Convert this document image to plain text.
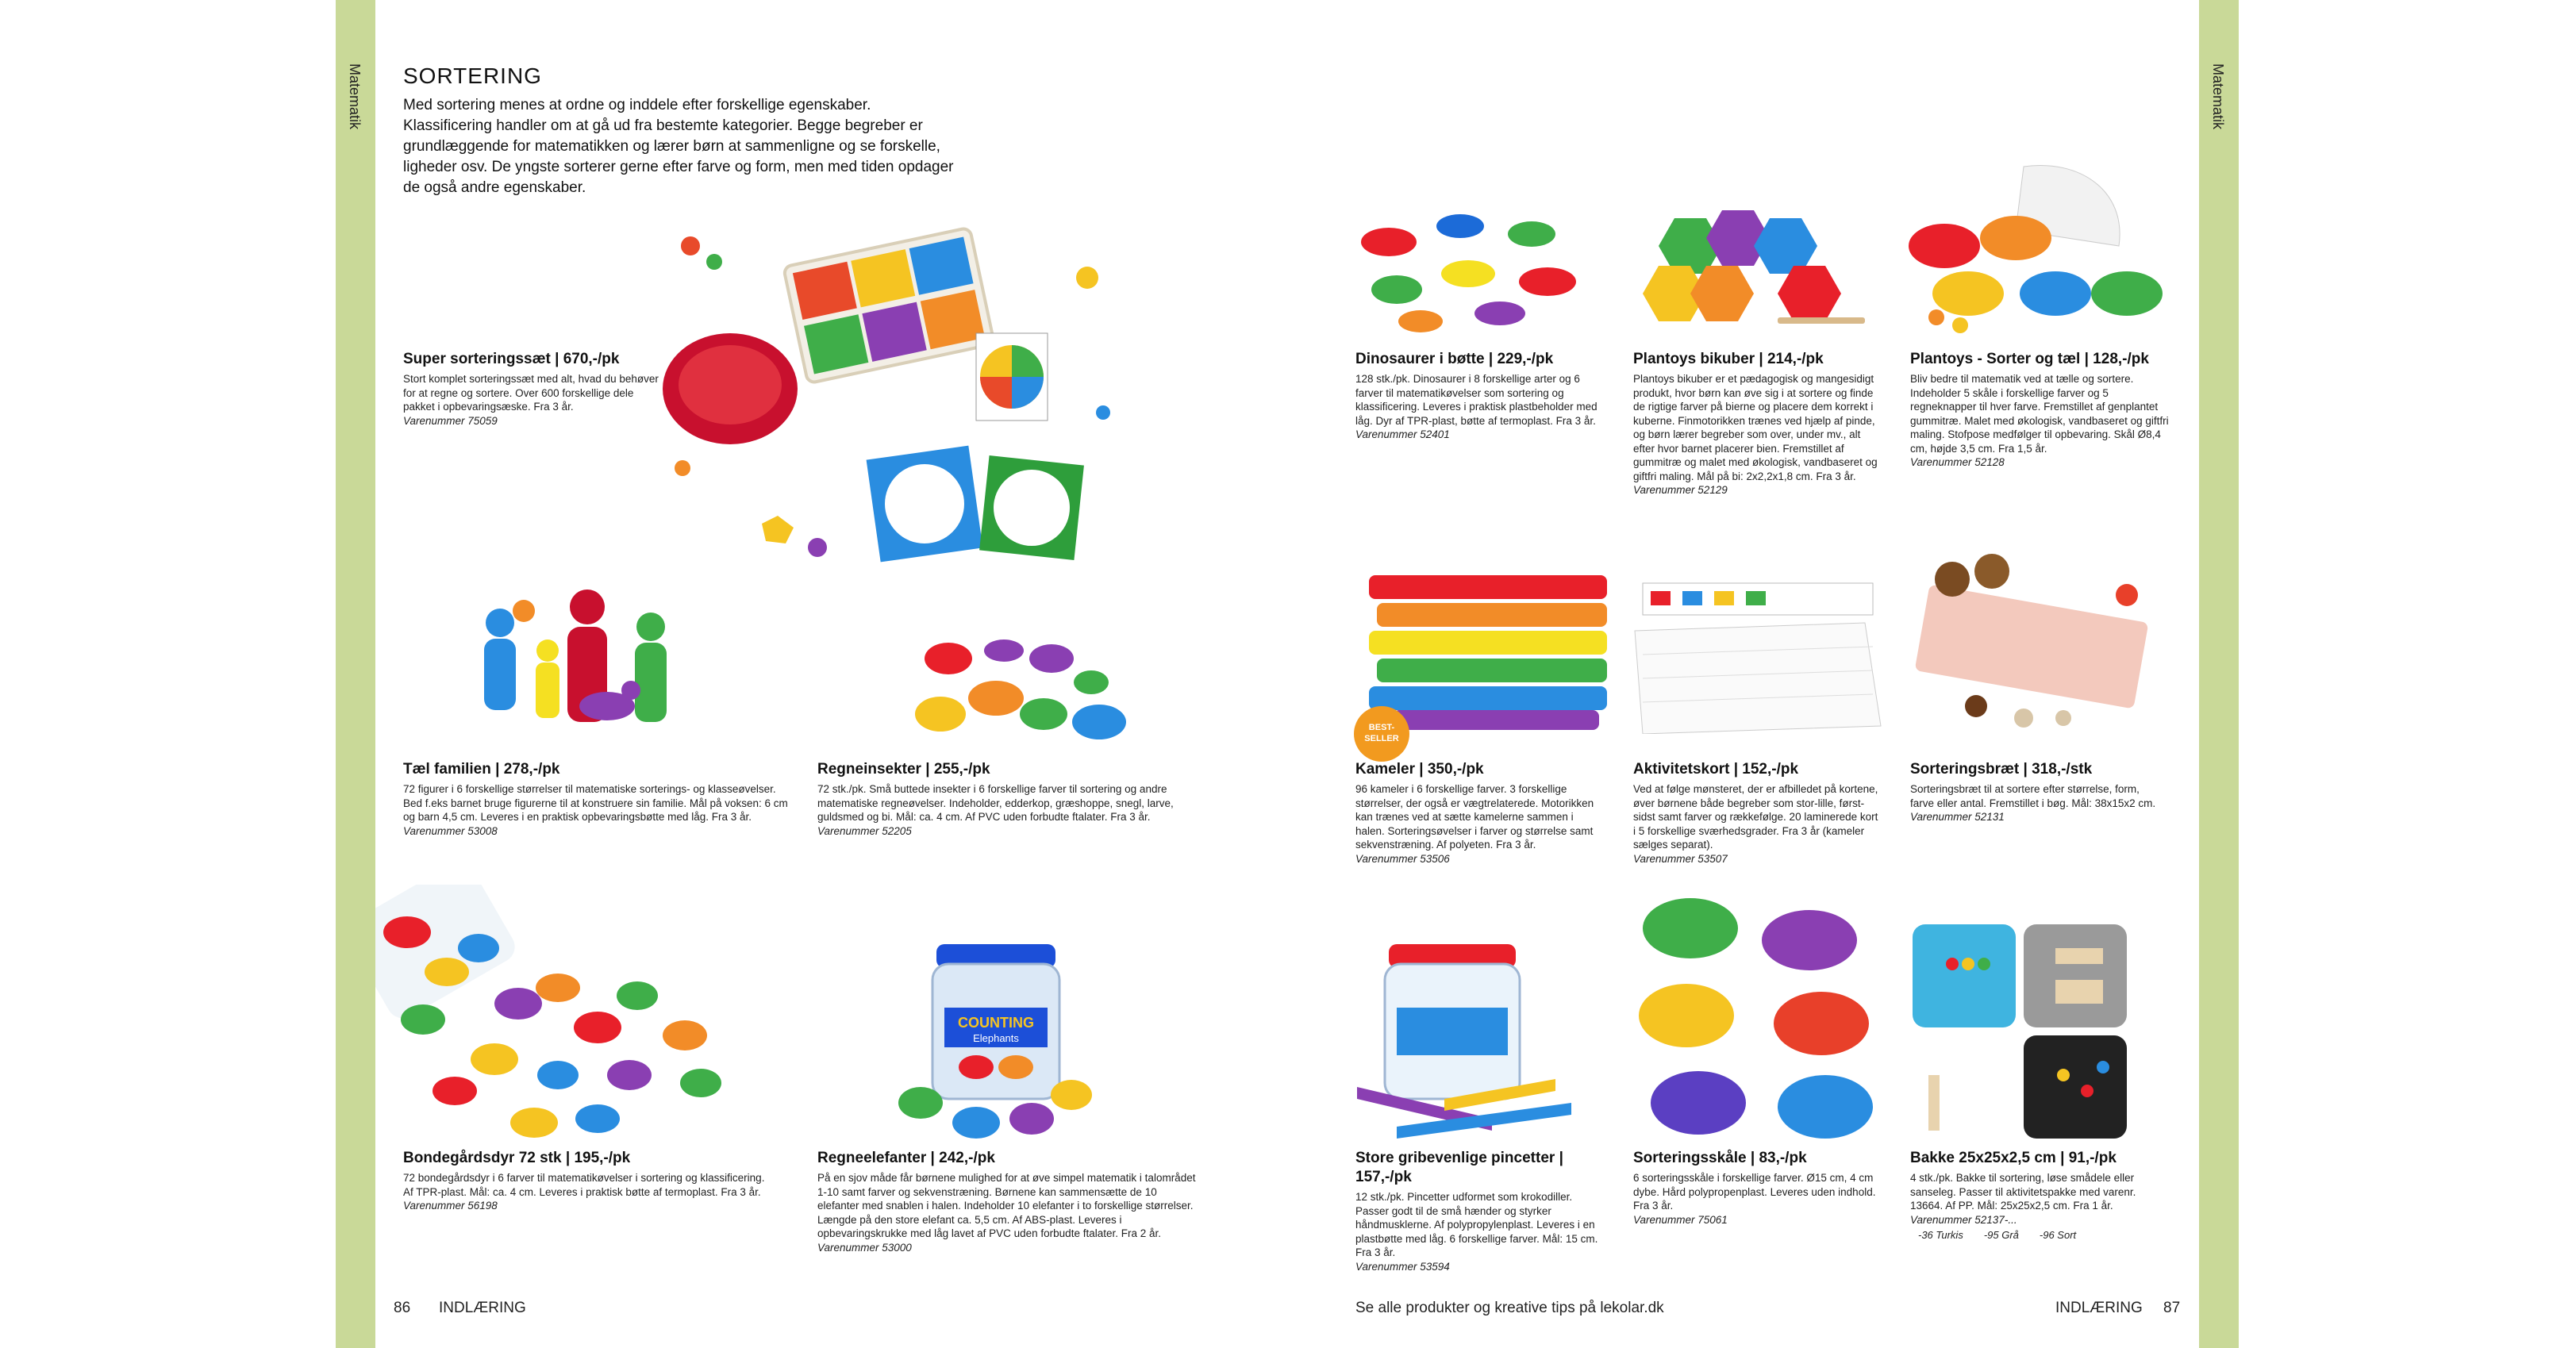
Matematik	Matematik
SORTERING
Med sortering menes at ordne og inddele efter forskellige egenskaber. Klassificering handler om at gå ud fra bestemte kategorier. Begge begreber er grundlæggende for matematikken og lærer børn at sammenligne og se forskelle, ligheder osv. De yngste sorterer gerne efter farve og form, men med tiden opdager de også andre egenskaber.
COUNTING
Elephants
BEST-
SELLER
Super sorteringssæt | 670,-/pk
Stort komplet sorteringssæt med alt, hvad du behøver for at regne og sortere. Over 600 forskellige dele pakket i opbevaringsæske. Fra 3 år.
Varenummer 75059
Tæl familien | 278,-/pk
72 figurer i 6 forskellige størrelser til matematiske sorterings- og klasseøvelser. Bed f.eks barnet bruge figurerne til at konstruere sin familie. Mål på voksen: 6 cm og barn 4,5 cm. Leveres i en praktisk opbevaringsbøtte med låg. Fra 3 år.
Varenummer 53008
Regneinsekter | 255,-/pk
72 stk./pk. Små buttede insekter i 6 forskellige farver til sortering og andre matematiske regneøvelser. Indeholder, edderkop, græshoppe, snegl, larve, guldsmed og bi. Mål: ca. 4 cm. Af PVC uden forbudte ftalater. Fra 3 år.
Varenummer 52205
Bondegårdsdyr 72 stk | 195,-/pk
72 bondegårdsdyr i 6 farver til matematikøvelser i sortering og klassificering. Af TPR-plast. Mål: ca. 4 cm. Leveres i praktisk bøtte af termoplast. Fra 3 år.
Varenummer 56198
Regneelefanter | 242,-/pk
På en sjov måde får børnene mulighed for at øve simpel matematik i talområdet 1-10 samt farver og sekvenstræning. Børnene kan sammensætte de 10 elefanter med snablen i halen. Indeholder 10 elefanter i to forskellige størrelser. Længde på den store elefant ca. 5,5 cm. Af ABS-plast. Leveres i opbevaringskrukke med låg lavet af PVC uden forbudte ftalater. Fra 2 år.
Varenummer 53000
Dinosaurer i bøtte | 229,-/pk
128 stk./pk. Dinosaurer i 8 forskellige arter og 6 farver til matematikøvelser som sortering og klassificering. Leveres i praktisk plastbeholder med låg. Dyr af TPR-plast, bøtte af termoplast. Fra 3 år.
Varenummer 52401
Plantoys bikuber | 214,-/pk
Plantoys bikuber er et pædagogisk og mangesidigt produkt, hvor børn kan øve sig i at sortere og finde de rigtige farver på bierne og placere dem korrekt i kuberne. Finmotorikken trænes ved hjælp af pinde, og børn lærer begreber som over, under mv., alt efter hvor barnet placerer bien. Fremstillet af gummitræ og malet med økologisk, vandbaseret og giftfri maling. Mål på bi: 2x2,2x1,8 cm. Fra 3 år.
Varenummer 52129
Plantoys - Sorter og tæl | 128,-/pk
Bliv bedre til matematik ved at tælle og sortere. Indeholder 5 skåle i forskellige farver og 5 regneknapper til hver farve. Fremstillet af genplantet gummitræ. Malet med økologisk, vandbaseret og giftfri maling. Stofpose medfølger til opbevaring. Skål Ø8,4 cm, højde 3,5 cm. Fra 1,5 år.
Varenummer 52128
Kameler | 350,-/pk
96 kameler i 6 forskellige farver. 3 forskellige størrelser, der også er vægtrelaterede. Motorikken kan trænes ved at sætte kamelerne sammen i halen. Sorteringsøvelser i farver og størrelse samt sekvenstræning. Af polyeten. Fra 3 år.
Varenummer 53506
Aktivitetskort | 152,-/pk
Ved at følge mønsteret, der er afbilledet på kortene, øver børnene både begreber som stor-lille, først-sidst samt farver og rækkefølge. 20 laminerede kort i 5 forskellige sværhedsgrader. Fra 3 år (kameler sælges separat).
Varenummer 53507
Sorteringsbræt | 318,-/stk
Sorteringsbræt til at sortere efter størrelse, form, farve eller antal. Fremstillet i bøg. Mål: 38x15x2 cm.
Varenummer 52131
Store gribevenlige pincetter | 157,-/pk
12 stk./pk. Pincetter udformet som krokodiller. Passer godt til de små hænder og styrker håndmusklerne. Af polypropylenplast. Leveres i en plastbøtte med låg. 6 forskellige farver. Mål: 15 cm. Fra 3 år.
Varenummer 53594
Sorteringsskåle | 83,-/pk
6 sorteringsskåle i forskellige farver. Ø15 cm, 4 cm dybe. Hård polypropenplast. Leveres uden indhold. Fra 3 år.
Varenummer 75061
Bakke 25x25x2,5 cm | 91,-/pk
4 stk./pk. Bakke til sortering, løse smådele eller sanseleg. Passer til aktivitetspakke med varenr. 13664. Af PP. Mål: 25x25x2,5 cm. Fra 1 år.
Varenummer 52137-...
-36 Turkis -95 Grå -96 Sort
86 INDLÆRING	Se alle produkter og kreative tips på lekolar.dk	INDLÆRING 87
